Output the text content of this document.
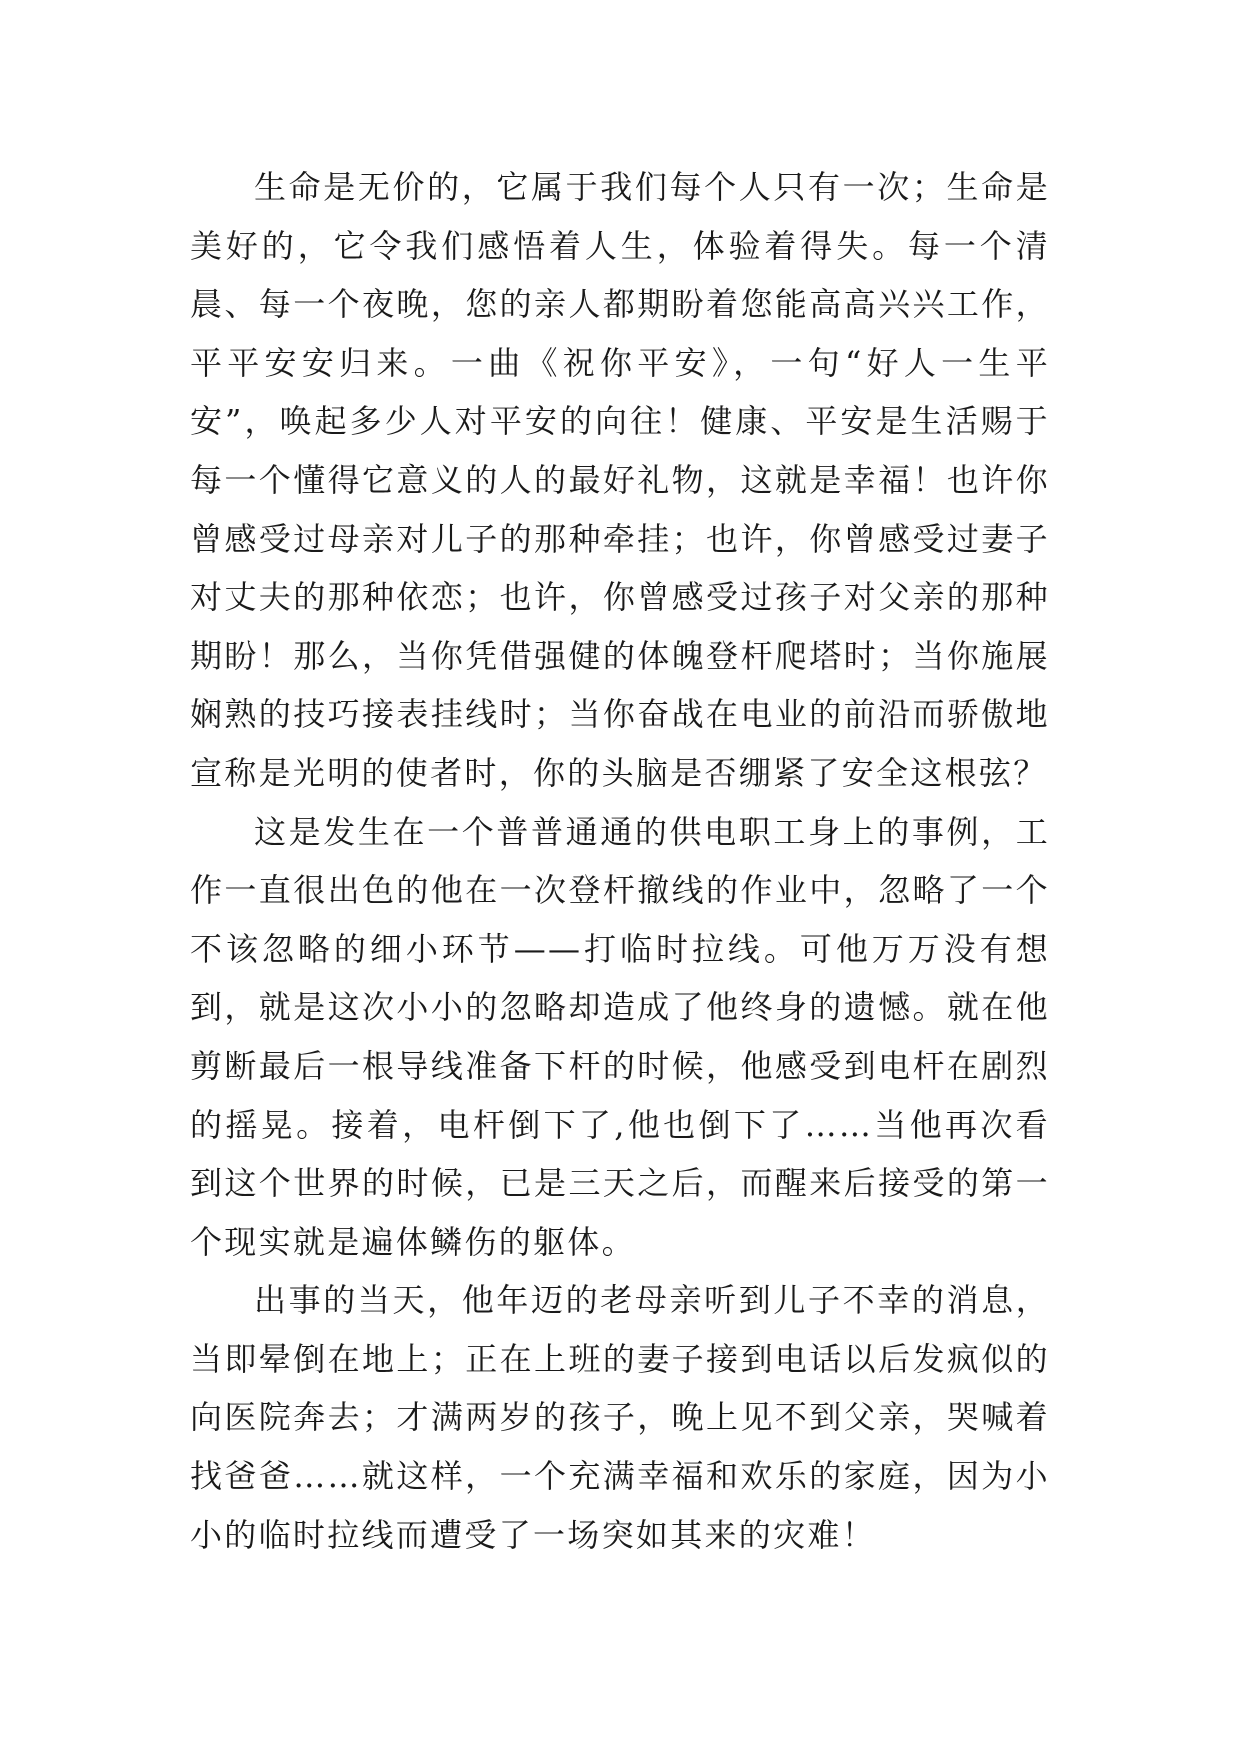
生命是无价的，它属于我们每个人只有一次；生命是美好的，它令我们感悟着人生，体验着得失。每一个清晨、每一个夜晚，您的亲人都期盼着您能高高兴兴工作，平平安安归来。一曲《祝你平安》，一句“好人一生平安”，唤起多少人对平安的向往！健康、平安是生活赐于每一个懂得它意义的人的最好礼物，这就是幸福！也许你曾感受过母亲对儿子的那种牵挂；也许，你曾感受过妻子对丈夫的那种依恋；也许，你曾感受过孩子对父亲的那种期盼！那么，当你凭借强健的体魄登杆爬塔时；当你施展娴熟的技巧接表挂线时；当你奋战在电业的前沿而骄傲地宣称是光明的使者时，你的头脑是否绷紧了安全这根弦？

这是发生在一个普普通通的供电职工身上的事例，工作一直很出色的他在一次登杆撤线的作业中，忽略了一个不该忽略的细小环节——打临时拉线。可他万万没有想到，就是这次小小的忽略却造成了他终身的遗憾。就在他剪断最后一根导线准备下杆的时候，他感受到电杆在剧烈的摇晃。接着，电杆倒下了,他也倒下了……当他再次看到这个世界的时候，已是三天之后，而醒来后接受的第一个现实就是遍体鳞伤的躯体。

出事的当天，他年迈的老母亲听到儿子不幸的消息，当即晕倒在地上；正在上班的妻子接到电话以后发疯似的向医院奔去；才满两岁的孩子，晚上见不到父亲，哭喊着找爸爸……就这样，一个充满幸福和欢乐的家庭，因为小小的临时拉线而遭受了一场突如其来的灾难！
